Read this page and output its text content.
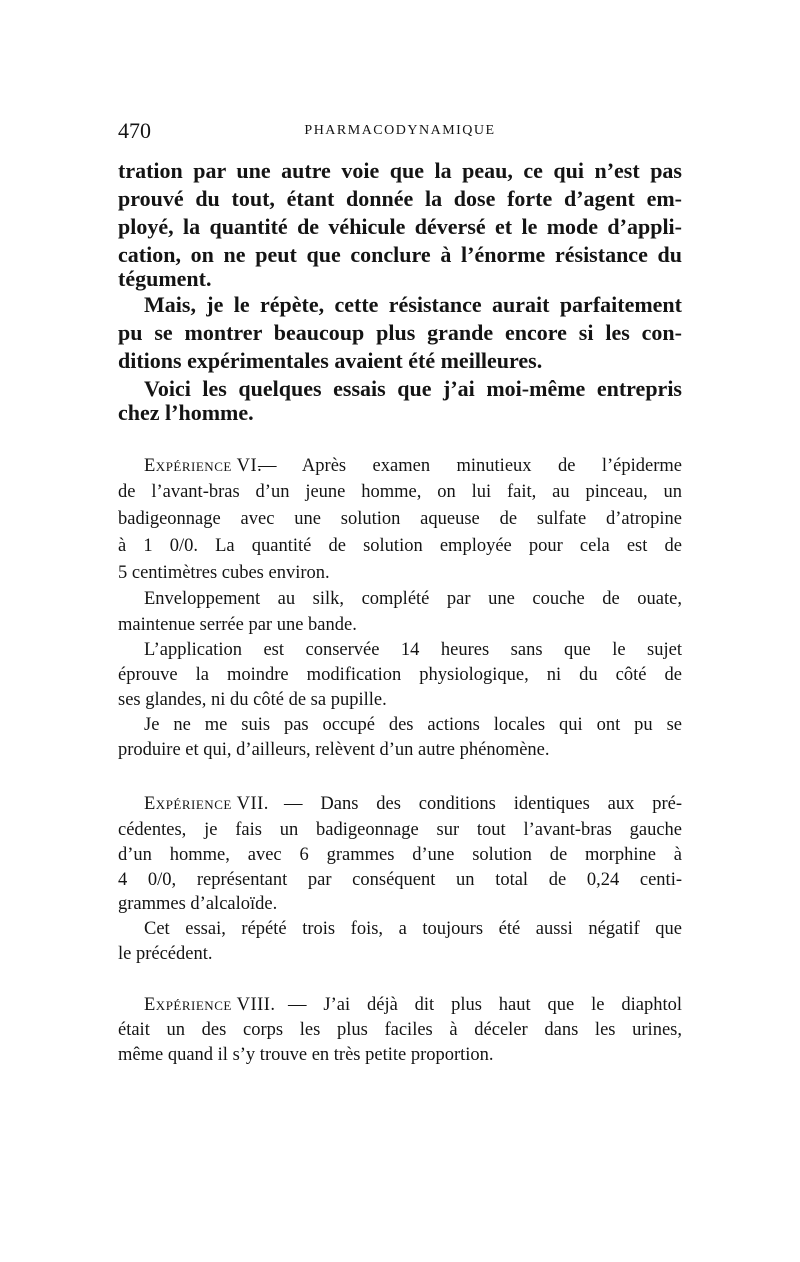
470	PHARMACODYNAMIQUE
tration par une autre voie que la peau, ce qui n’est pas
prouvé du tout, étant donnée la dose forte d’agent em-
ployé, la quantité de véhicule déversé et le mode d’appli-
cation, on ne peut que conclure à l’énorme résistance du
tégument.
Mais, je le répète, cette résistance aurait parfaitement
pu se montrer beaucoup plus grande encore si les con-
ditions expérimentales avaient été meilleures.
Voici les quelques essais que j’ai moi-même entrepris
chez l’homme.
— Après examen minutieux de l’épiderme
Expérience VI.
de l’avant-bras d’un jeune homme, on lui fait, au pinceau, un
badigeonnage avec une solution aqueuse de sulfate d’atropine
à 1 0/0. La quantité de solution employée pour cela est de
5 centimètres cubes environ.
Enveloppement au silk, complété par une couche de ouate,
maintenue serrée par une bande.
L’application est conservée 14 heures sans que le sujet
éprouve la moindre modification physiologique, ni du côté de
ses glandes, ni du côté de sa pupille.
Je ne me suis pas occupé des actions locales qui ont pu se
produire et qui, d’ailleurs, relèvent d’un autre phénomène.
— Dans des conditions identiques aux pré-
Expérience VII.
cédentes, je fais un badigeonnage sur tout l’avant-bras gauche
d’un homme, avec 6 grammes d’une solution de morphine à
4 0/0, représentant par conséquent un total de 0,24 centi-
grammes d’alcaloïde.
Cet essai, répété trois fois, a toujours été aussi négatif que
le précédent.
— J’ai déjà dit plus haut que le diaphtol
Expérience VIII.
était un des corps les plus faciles à déceler dans les urines,
même quand il s’y trouve en très petite proportion.
